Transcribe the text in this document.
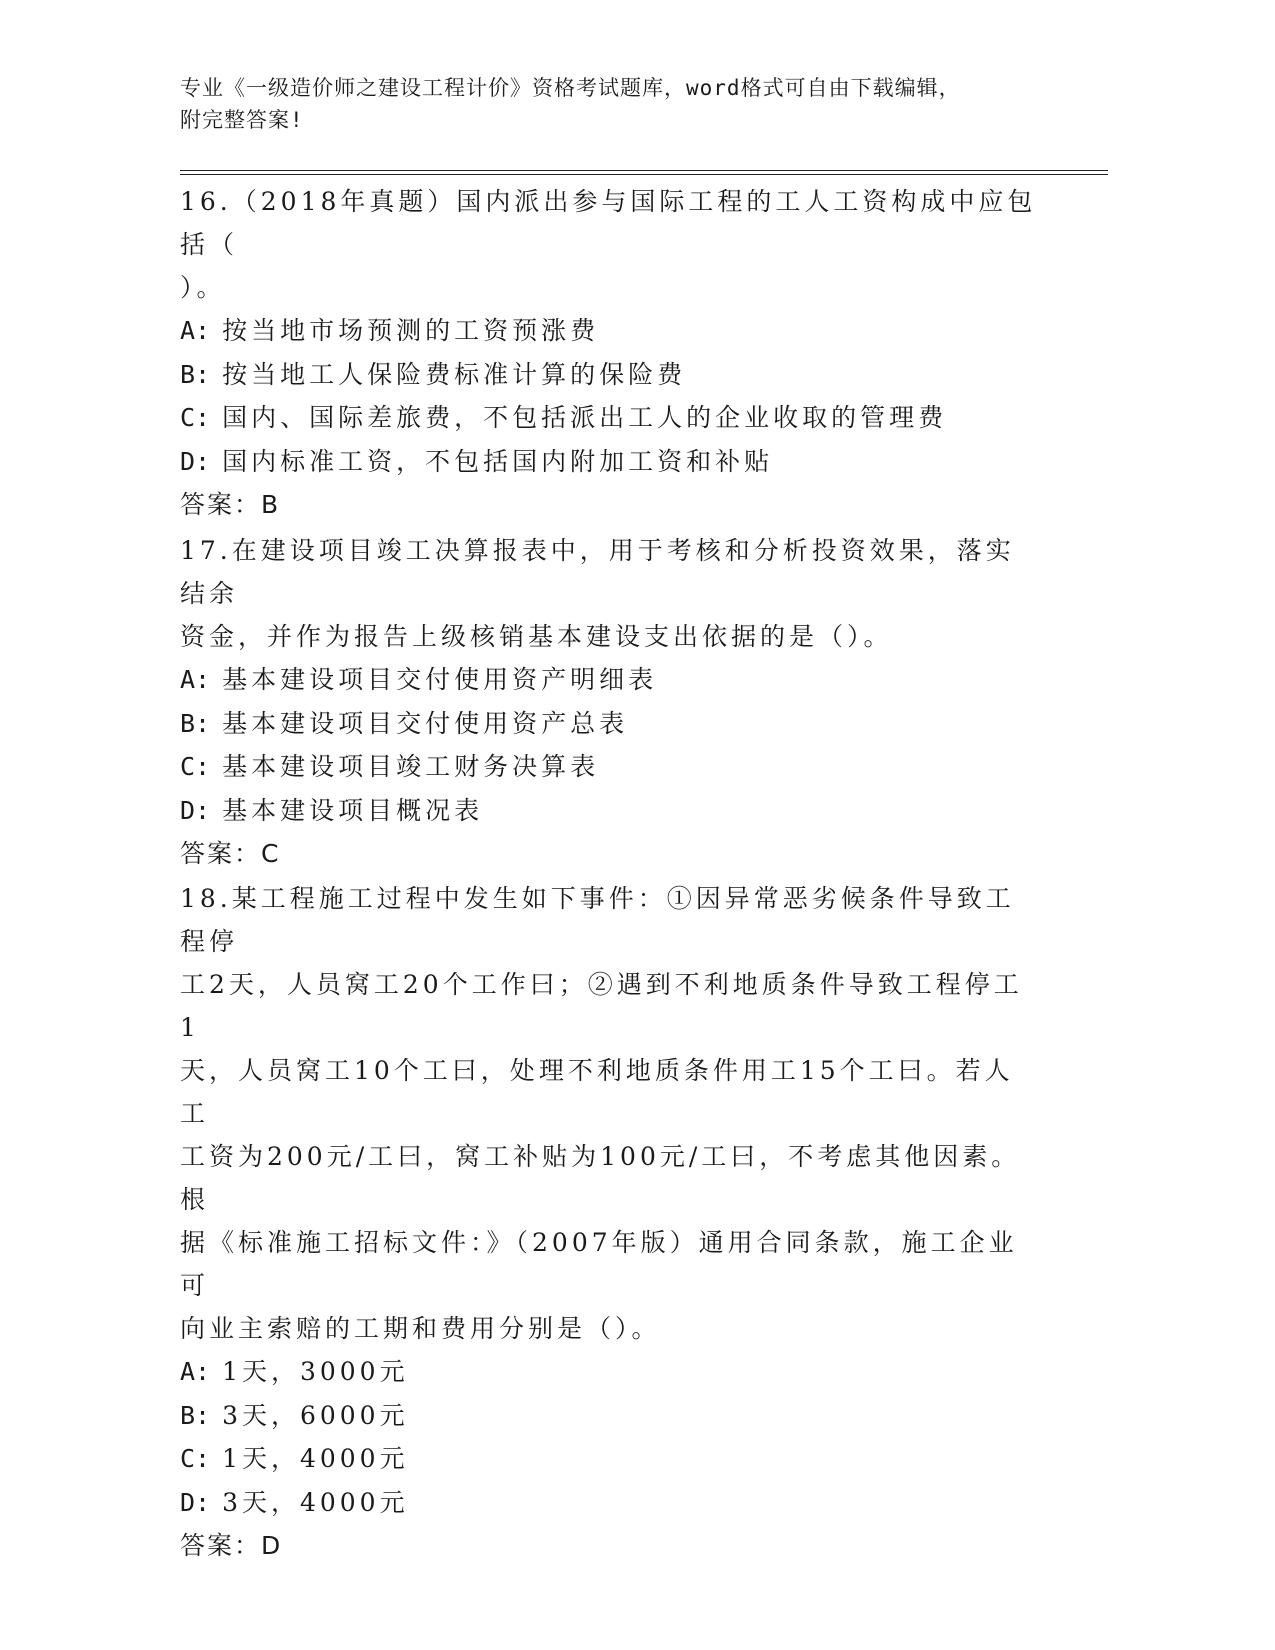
专业《一级造价师之建设工程计价》资格考试题库，word格式可自由下载编辑，
附完整答案!

16.（2018年真题）国内派出参与国际工程的工人工资构成中应包括（
）。

A: 按当地市场预测的工资预涨费
B: 按当地工人保险费标准计算的保险费
C: 国内、国际差旅费，不包括派出工人的企业收取的管理费
D: 国内标准工资，不包括国内附加工资和补贴

答案：B

17.在建设项目竣工决算报表中，用于考核和分析投资效果，落实结余
资金，并作为报告上级核销基本建设支出依据的是（）。

A: 基本建设项目交付使用资产明细表
B: 基本建设项目交付使用资产总表
C: 基本建设项目竣工财务决算表
D: 基本建设项目概况表

答案：C

18.某工程施工过程中发生如下事件：①因异常恶劣候条件导致工程停
工2天，人员窝工20个工作曰；②遇到不利地质条件导致工程停工1
天，人员窝工10个工曰，处理不利地质条件用工15个工曰。若人工
工资为200元/工曰，窝工补贴为100元/工曰，不考虑其他因素。根
据《标准施工招标文件：》（2007年版）通用合同条款，施工企业可
向业主索赔的工期和费用分别是（）。

A: 1天，3000元
B: 3天，6000元
C: 1天，4000元
D: 3天，4000元

答案：D
